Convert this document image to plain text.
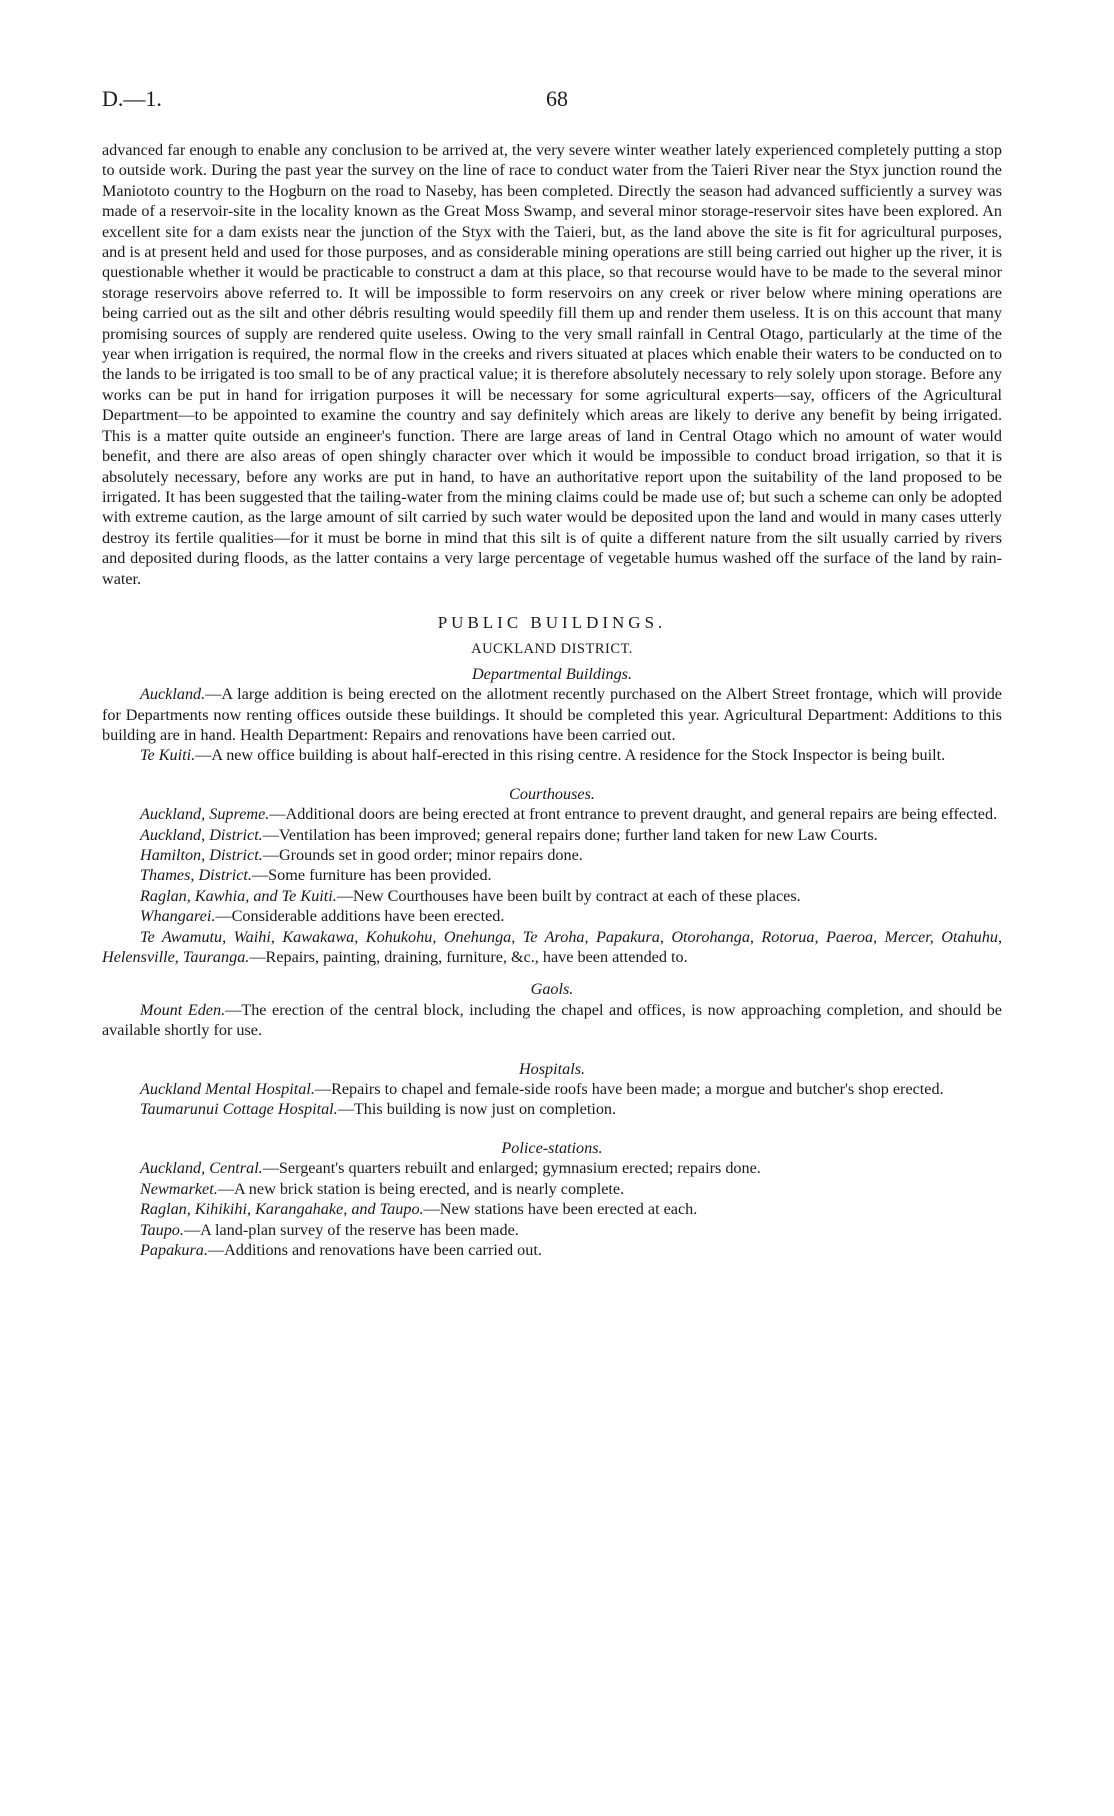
D.—1.	68

advanced far enough to enable any conclusion to be arrived at, the very severe winter weather lately experienced completely putting a stop to outside work. During the past year the survey on the line of race to conduct water from the Taieri River near the Styx junction round the Maniototo country to the Hogburn on the road to Naseby, has been completed. Directly the season had advanced sufficiently a survey was made of a reservoir-site in the locality known as the Great Moss Swamp, and several minor storage-reservoir sites have been explored. An excellent site for a dam exists near the junction of the Styx with the Taieri, but, as the land above the site is fit for agricultural purposes, and is at present held and used for those purposes, and as considerable mining operations are still being carried out higher up the river, it is questionable whether it would be practicable to construct a dam at this place, so that recourse would have to be made to the several minor storage reservoirs above referred to. It will be impossible to form reservoirs on any creek or river below where mining operations are being carried out as the silt and other débris resulting would speedily fill them up and render them useless. It is on this account that many promising sources of supply are rendered quite useless. Owing to the very small rainfall in Central Otago, particularly at the time of the year when irrigation is required, the normal flow in the creeks and rivers situated at places which enable their waters to be conducted on to the lands to be irrigated is too small to be of any practical value; it is therefore absolutely necessary to rely solely upon storage. Before any works can be put in hand for irrigation purposes it will be necessary for some agricultural experts—say, officers of the Agricultural Department—to be appointed to examine the country and say definitely which areas are likely to derive any benefit by being irrigated. This is a matter quite outside an engineer's function. There are large areas of land in Central Otago which no amount of water would benefit, and there are also areas of open shingly character over which it would be impossible to conduct broad irrigation, so that it is absolutely necessary, before any works are put in hand, to have an authoritative report upon the suitability of the land proposed to be irrigated. It has been suggested that the tailing-water from the mining claims could be made use of; but such a scheme can only be adopted with extreme caution, as the large amount of silt carried by such water would be deposited upon the land and would in many cases utterly destroy its fertile qualities—for it must be borne in mind that this silt is of quite a different nature from the silt usually carried by rivers and deposited during floods, as the latter contains a very large percentage of vegetable humus washed off the surface of the land by rain-water.

PUBLIC BUILDINGS.
AUCKLAND DISTRICT.

Departmental Buildings.

Auckland.—A large addition is being erected on the allotment recently purchased on the Albert Street frontage, which will provide for Departments now renting offices outside these buildings. It should be completed this year. Agricultural Department: Additions to this building are in hand. Health Department: Repairs and renovations have been carried out.

Te Kuiti.—A new office building is about half-erected in this rising centre. A residence for the Stock Inspector is being built.

Courthouses.

Auckland, Supreme.—Additional doors are being erected at front entrance to prevent draught, and general repairs are being effected.

Auckland, District.—Ventilation has been improved; general repairs done; further land taken for new Law Courts.

Hamilton, District.—Grounds set in good order; minor repairs done.

Thames, District.—Some furniture has been provided.

Raglan, Kawhia, and Te Kuiti.—New Courthouses have been built by contract at each of these places.

Whangarei.—Considerable additions have been erected.

Te Awamutu, Waihi, Kawakawa, Kohukohu, Onehunga, Te Aroha, Papakura, Otorohanga, Rotorua, Paeroa, Mercer, Otahuhu, Helensville, Tauranga.—Repairs, painting, draining, furniture, &c., have been attended to.

Gaols.

Mount Eden.—The erection of the central block, including the chapel and offices, is now approaching completion, and should be available shortly for use.

Hospitals.

Auckland Mental Hospital.—Repairs to chapel and female-side roofs have been made; a morgue and butcher's shop erected.

Taumarunui Cottage Hospital.—This building is now just on completion.

Police-stations.

Auckland, Central.—Sergeant's quarters rebuilt and enlarged; gymnasium erected; repairs done.

Newmarket.—A new brick station is being erected, and is nearly complete.

Raglan, Kihikihi, Karangahake, and Taupo.—New stations have been erected at each.

Taupo.—A land-plan survey of the reserve has been made.

Papakura.—Additions and renovations have been carried out.
